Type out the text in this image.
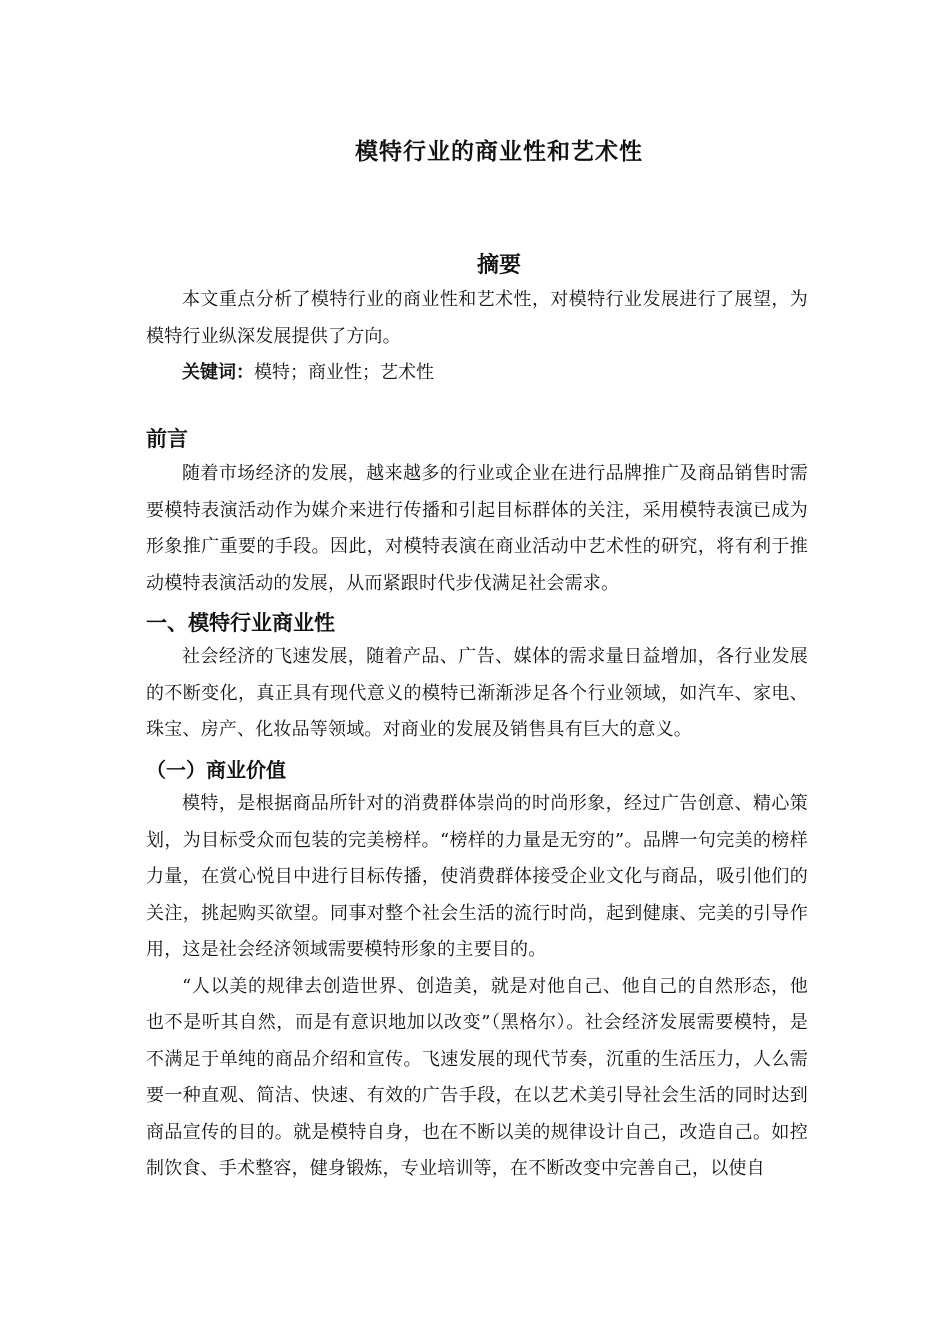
模特行业的商业性和艺术性
摘要

本文重点分析了模特行业的商业性和艺术性，对模特行业发展进行了展望，为模特行业纵深发展提供了方向。

关键词：模特；商业性；艺术性

前言

随着市场经济的发展，越来越多的行业或企业在进行品牌推广及商品销售时需要模特表演活动作为媒介来进行传播和引起目标群体的关注，采用模特表演已成为形象推广重要的手段。因此，对模特表演在商业活动中艺术性的研究，将有利于推动模特表演活动的发展，从而紧跟时代步伐满足社会需求。

一、模特行业商业性

社会经济的飞速发展，随着产品、广告、媒体的需求量日益增加，各行业发展的不断变化，真正具有现代意义的模特已渐渐涉足各个行业领域，如汽车、家电、珠宝、房产、化妆品等领域。对商业的发展及销售具有巨大的意义。

（一）商业价值

模特，是根据商品所针对的消费群体崇尚的时尚形象，经过广告创意、精心策划，为目标受众而包装的完美榜样。“榜样的力量是无穷的”。品牌一句完美的榜样力量，在赏心悦目中进行目标传播，使消费群体接受企业文化与商品，吸引他们的关注，挑起购买欲望。同事对整个社会生活的流行时尚，起到健康、完美的引导作用，这是社会经济领域需要模特形象的主要目的。

“人以美的规律去创造世界、创造美，就是对他自己、他自己的自然形态，他也不是听其自然，而是有意识地加以改变”（黑格尔）。社会经济发展需要模特，是不满足于单纯的商品介绍和宣传。飞速发展的现代节奏，沉重的生活压力，人么需要一种直观、简洁、快速、有效的广告手段，在以艺术美引导社会生活的同时达到商品宣传的目的。就是模特自身，也在不断以美的规律设计自己，改造自己。如控制饮食、手术整容，健身锻炼，专业培训等，在不断改变中完善自己，以使自
